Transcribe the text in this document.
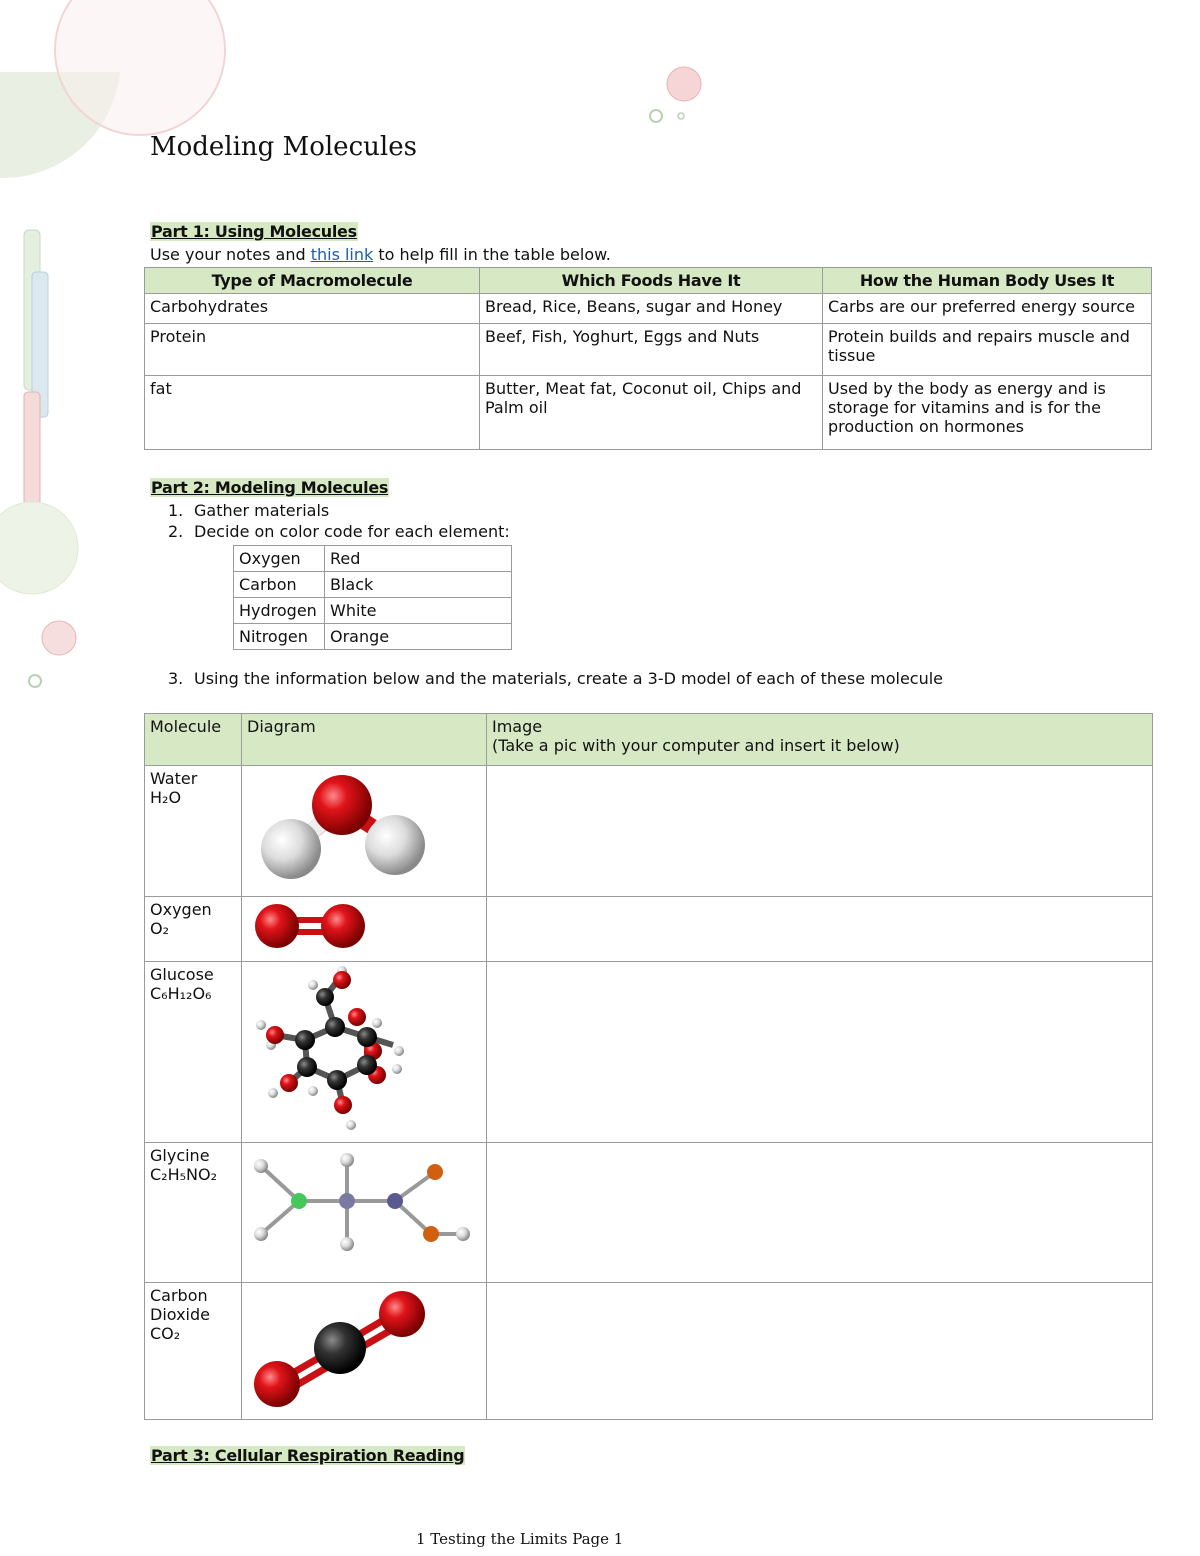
Modeling Molecules
Part 1: Using Molecules
Use your notes and this link to help fill in the table below.
Type of Macromolecule	Which Foods Have It	How the Human Body Uses It
Carbohydrates	Bread, Rice, Beans, sugar and Honey	Carbs are our preferred energy source
Protein	Beef, Fish, Yoghurt, Eggs and Nuts	Protein builds and repairs muscle and tissue
fat	Butter, Meat fat, Coconut oil, Chips and Palm oil	Used by the body as energy and is storage for vitamins and is for the production on hormones
Part 2: Modeling Molecules
1. Gather materials
2. Decide on color code for each element:
Oxygen	Red
Carbon	Black
Hydrogen	White
Nitrogen	Orange
3. Using the information below and the materials, create a 3-D model of each of these molecule
Molecule	Diagram	Image
(Take a pic with your computer and insert it below)

Water
H₂O

Oxygen
O₂

Glucose
C₆H₁₂O₆

Glycine
C₂H₅NO₂

Carbon Dioxide
CO₂

Part 3: Cellular Respiration Reading
1 Testing the Limits Page 1
